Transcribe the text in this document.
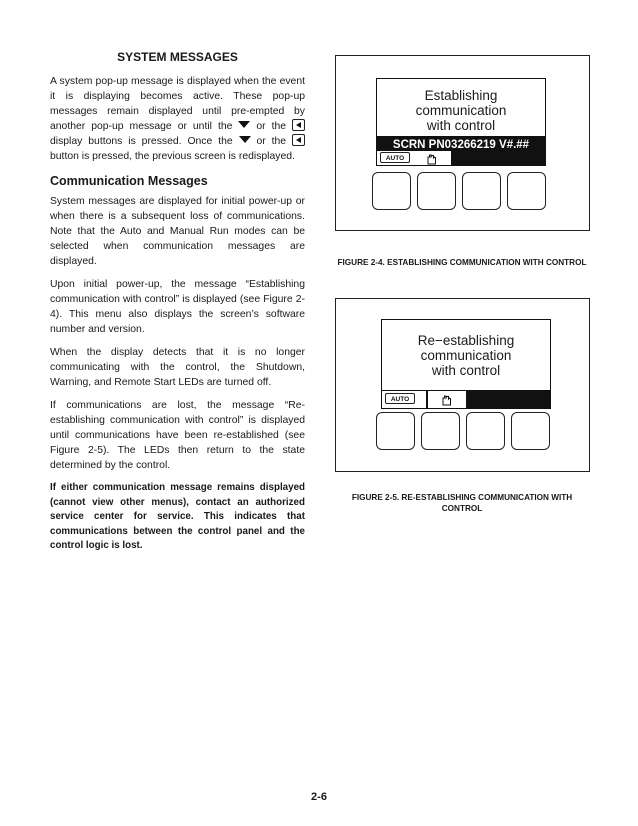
SYSTEM MESSAGES

A system pop-up message is displayed when the event it is displaying becomes active. These pop-up messages remain displayed until pre-empted by another pop-up message or until the or the  display buttons is pressed. Once the or the  button is pressed, the previous screen is redisplayed.

Communication Messages

System messages are displayed for initial power-up or when there is a subsequent loss of communications. Note that the Auto and Manual Run modes can be selected when communication messages are displayed.

Upon initial power-up, the message “Establishing communication with control” is displayed (see Figure 2-4). This menu also displays the screen’s software number and version.

When the display detects that it is no longer communicating with the control, the Shutdown, Warning, and Remote Start LEDs are turned off.

If communications are lost, the message “Re-establishing communication with control” is displayed until communications have been re-established (see Figure 2-5). The LEDs then return to the state determined by the control.

If either communication message remains displayed (cannot view other menus), contact an authorized service center for service. This indicates that communications between the control panel and the control logic is lost.

Establishing
communication
with control
SCRN PN03266219 V#.##
AUTO
FIGURE 2-4. ESTABLISHING COMMUNICATION WITH CONTROL
Re−establishing
communication
with control
AUTO
FIGURE 2-5. RE-ESTABLISHING COMMUNICATION WITH CONTROL
2-6
